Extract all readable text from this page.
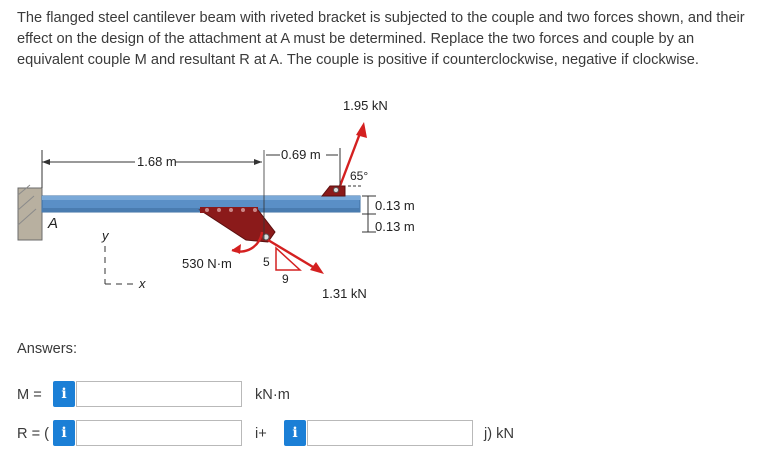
The flanged steel cantilever beam with riveted bracket is subjected to the couple and two forces shown, and their effect on the design of the attachment at A must be determined. Replace the two forces and couple by an equivalent couple M and resultant R at A. The couple is positive if counterclockwise, negative if clockwise.
A
530 N·m
1.95 kN
65°
0.13 m
0.13 m
1.31 kN
5
9
1.68 m	0.69 m
y
x
Answers:
M =	i	kN·m
R = ( i	i+	i	j) kN
